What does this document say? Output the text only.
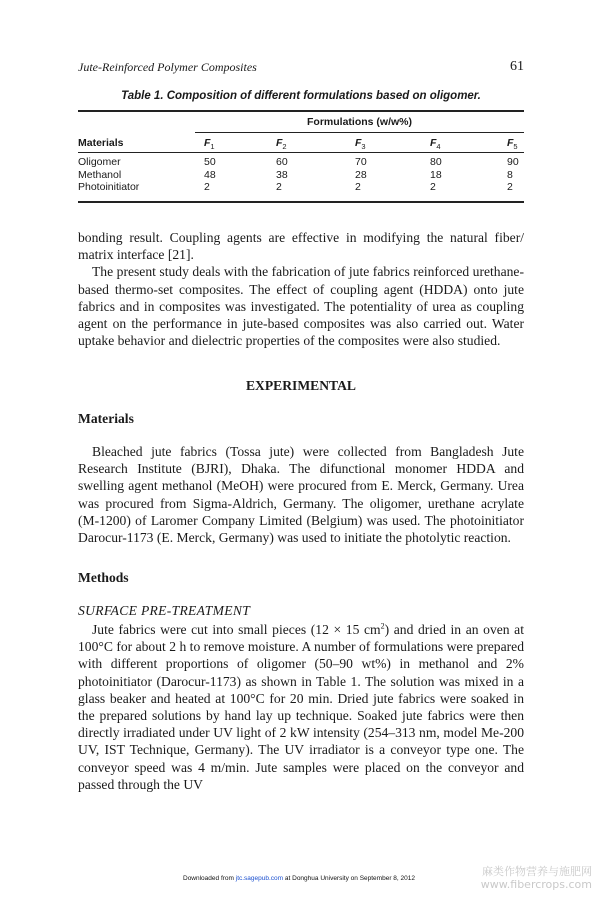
Jute-Reinforced Polymer Composites	61
Table 1. Composition of different formulations based on oligomer.
Formulations (w/w%)
Materials	$F_1$	$F_2$	$F_3$	$F_4$	$F_5$
Oligomer	50	60	70	80	90
Methanol	48	38	28	18	8
Photoinitiator	2	2	2	2	2

bonding result. Coupling agents are effective in modifying the natural fiber/ matrix interface [21].

The present study deals with the fabrication of jute fabrics reinforced urethane-based thermo-set composites. The effect of coupling agent (HDDA) onto jute fabrics and in composites was investigated. The potentiality of urea as coupling agent on the performance in jute-based composites was also carried out. Water uptake behavior and dielectric properties of the composites were also studied.

EXPERIMENTAL
Materials

Bleached jute fabrics (Tossa jute) were collected from Bangladesh Jute Research Institute (BJRI), Dhaka. The difunctional monomer HDDA and swelling agent methanol (MeOH) were procured from E. Merck, Germany. Urea was procured from Sigma-Aldrich, Germany. The oligomer, urethane acrylate (M-1200) of Laromer Company Limited (Belgium) was used. The photoinitiator Darocur-1173 (E. Merck, Germany) was used to initiate the photolytic reaction.

Methods
SURFACE PRE-TREATMENT

Jute fabrics were cut into small pieces (12 × 15 $cm^2$) and dried in an oven at 100°C for about 2 h to remove moisture. A number of formulations were prepared with different proportions of oligomer (50–90 wt%) in methanol and 2% photoinitiator (Darocur-1173) as shown in Table 1. The solution was mixed in a glass beaker and heated at 100°C for 20 min. Dried jute fabrics were soaked in the prepared solutions by hand lay up technique. Soaked jute fabrics were then directly irradiated under UV light of 2 kW intensity (254–313 nm, model Me-200 UV, IST Technique, Germany). The UV irradiator is a conveyor type one. The conveyor speed was 4 m/min. Jute samples were placed on the conveyor and passed through the UV

Downloaded from jtc.sagepub.com at Donghua University on September 8, 2012
麻类作物营养与施肥网
www.fibercrops.com
